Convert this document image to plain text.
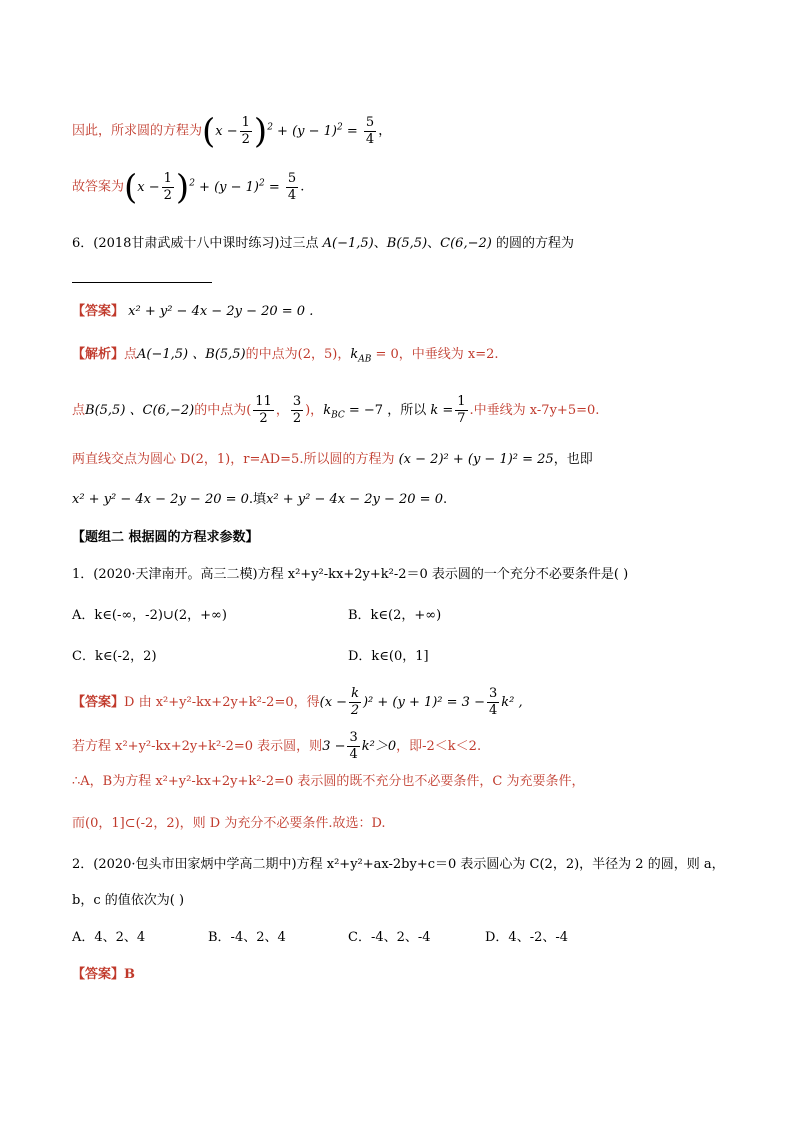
因此，所求圆的方程为$(x - \frac{1}{2} )^2 + (y - 1)^2 = \frac{5}{4}$ ，
故答案为$(x - \frac{1}{2} )^2 + (y - 1)^2 = \frac{5}{4}$ .
6．(2018甘肃武威十八中课时练习)过三点 A(−1,5)、B(5,5)、C(6,−2) 的圆的方程为
【答案】 x² + y² − 4x − 2y − 20 = 0 .
【解析】点A(−1,5) 、B(5,5)的中点为(2，5)，$k_{AB} = 0$，中垂线为 x=2.
点B(5,5) 、C(6,−2)的中点为( $\frac{11}{2}$ ， $\frac{3}{2}$ )，$k_{BC} = -7$ ，所以 $k = \frac{1}{7}$ .中垂线为 x-7y+5=0.
两直线交点为圆心 D(2，1)，r=AD=5.所以圆的方程为 (x − 2)² + (y − 1)² = 25，也即
x² + y² − 4x − 2y − 20 = 0.填x² + y² − 4x − 2y − 20 = 0.
【题组二 根据圆的方程求参数】
1．(2020·天津南开。高三二模)方程 x²+y²-kx+2y+k²-2＝0 表示圆的一个充分不必要条件是( )
A．k∈(-∞，-2)∪(2，+∞)	B．k∈(2，+∞)
C．k∈(-2，2)	D．k∈(0，1]
【答案】D 由 x²+y²-kx+2y+k²-2=0，得$(x - \frac{k}{2} )^2 + (y + 1)^2 = 3 - \frac{3}{4} k^2$ ,
若方程 x²+y²-kx+2y+k²-2=0 表示圆，则$3 - \frac{3}{4} k^2>0$，即-2＜k＜2.
∴A，B为方程 x²+y²-kx+2y+k²-2=0 表示圆的既不充分也不必要条件，C 为充要条件，
而(0，1]⊂(-2，2)，则 D 为充分不必要条件.故选：D.
2．(2020·包头市田家炳中学高二期中)方程 x²+y²+ax-2by+c＝0 表示圆心为 C(2，2)，半径为 2 的圆，则 a，
b，c 的值依次为( )
A．4、2、4	B．-4、2、4	C．-4、2、-4	D．4、-2、-4
【答案】B
